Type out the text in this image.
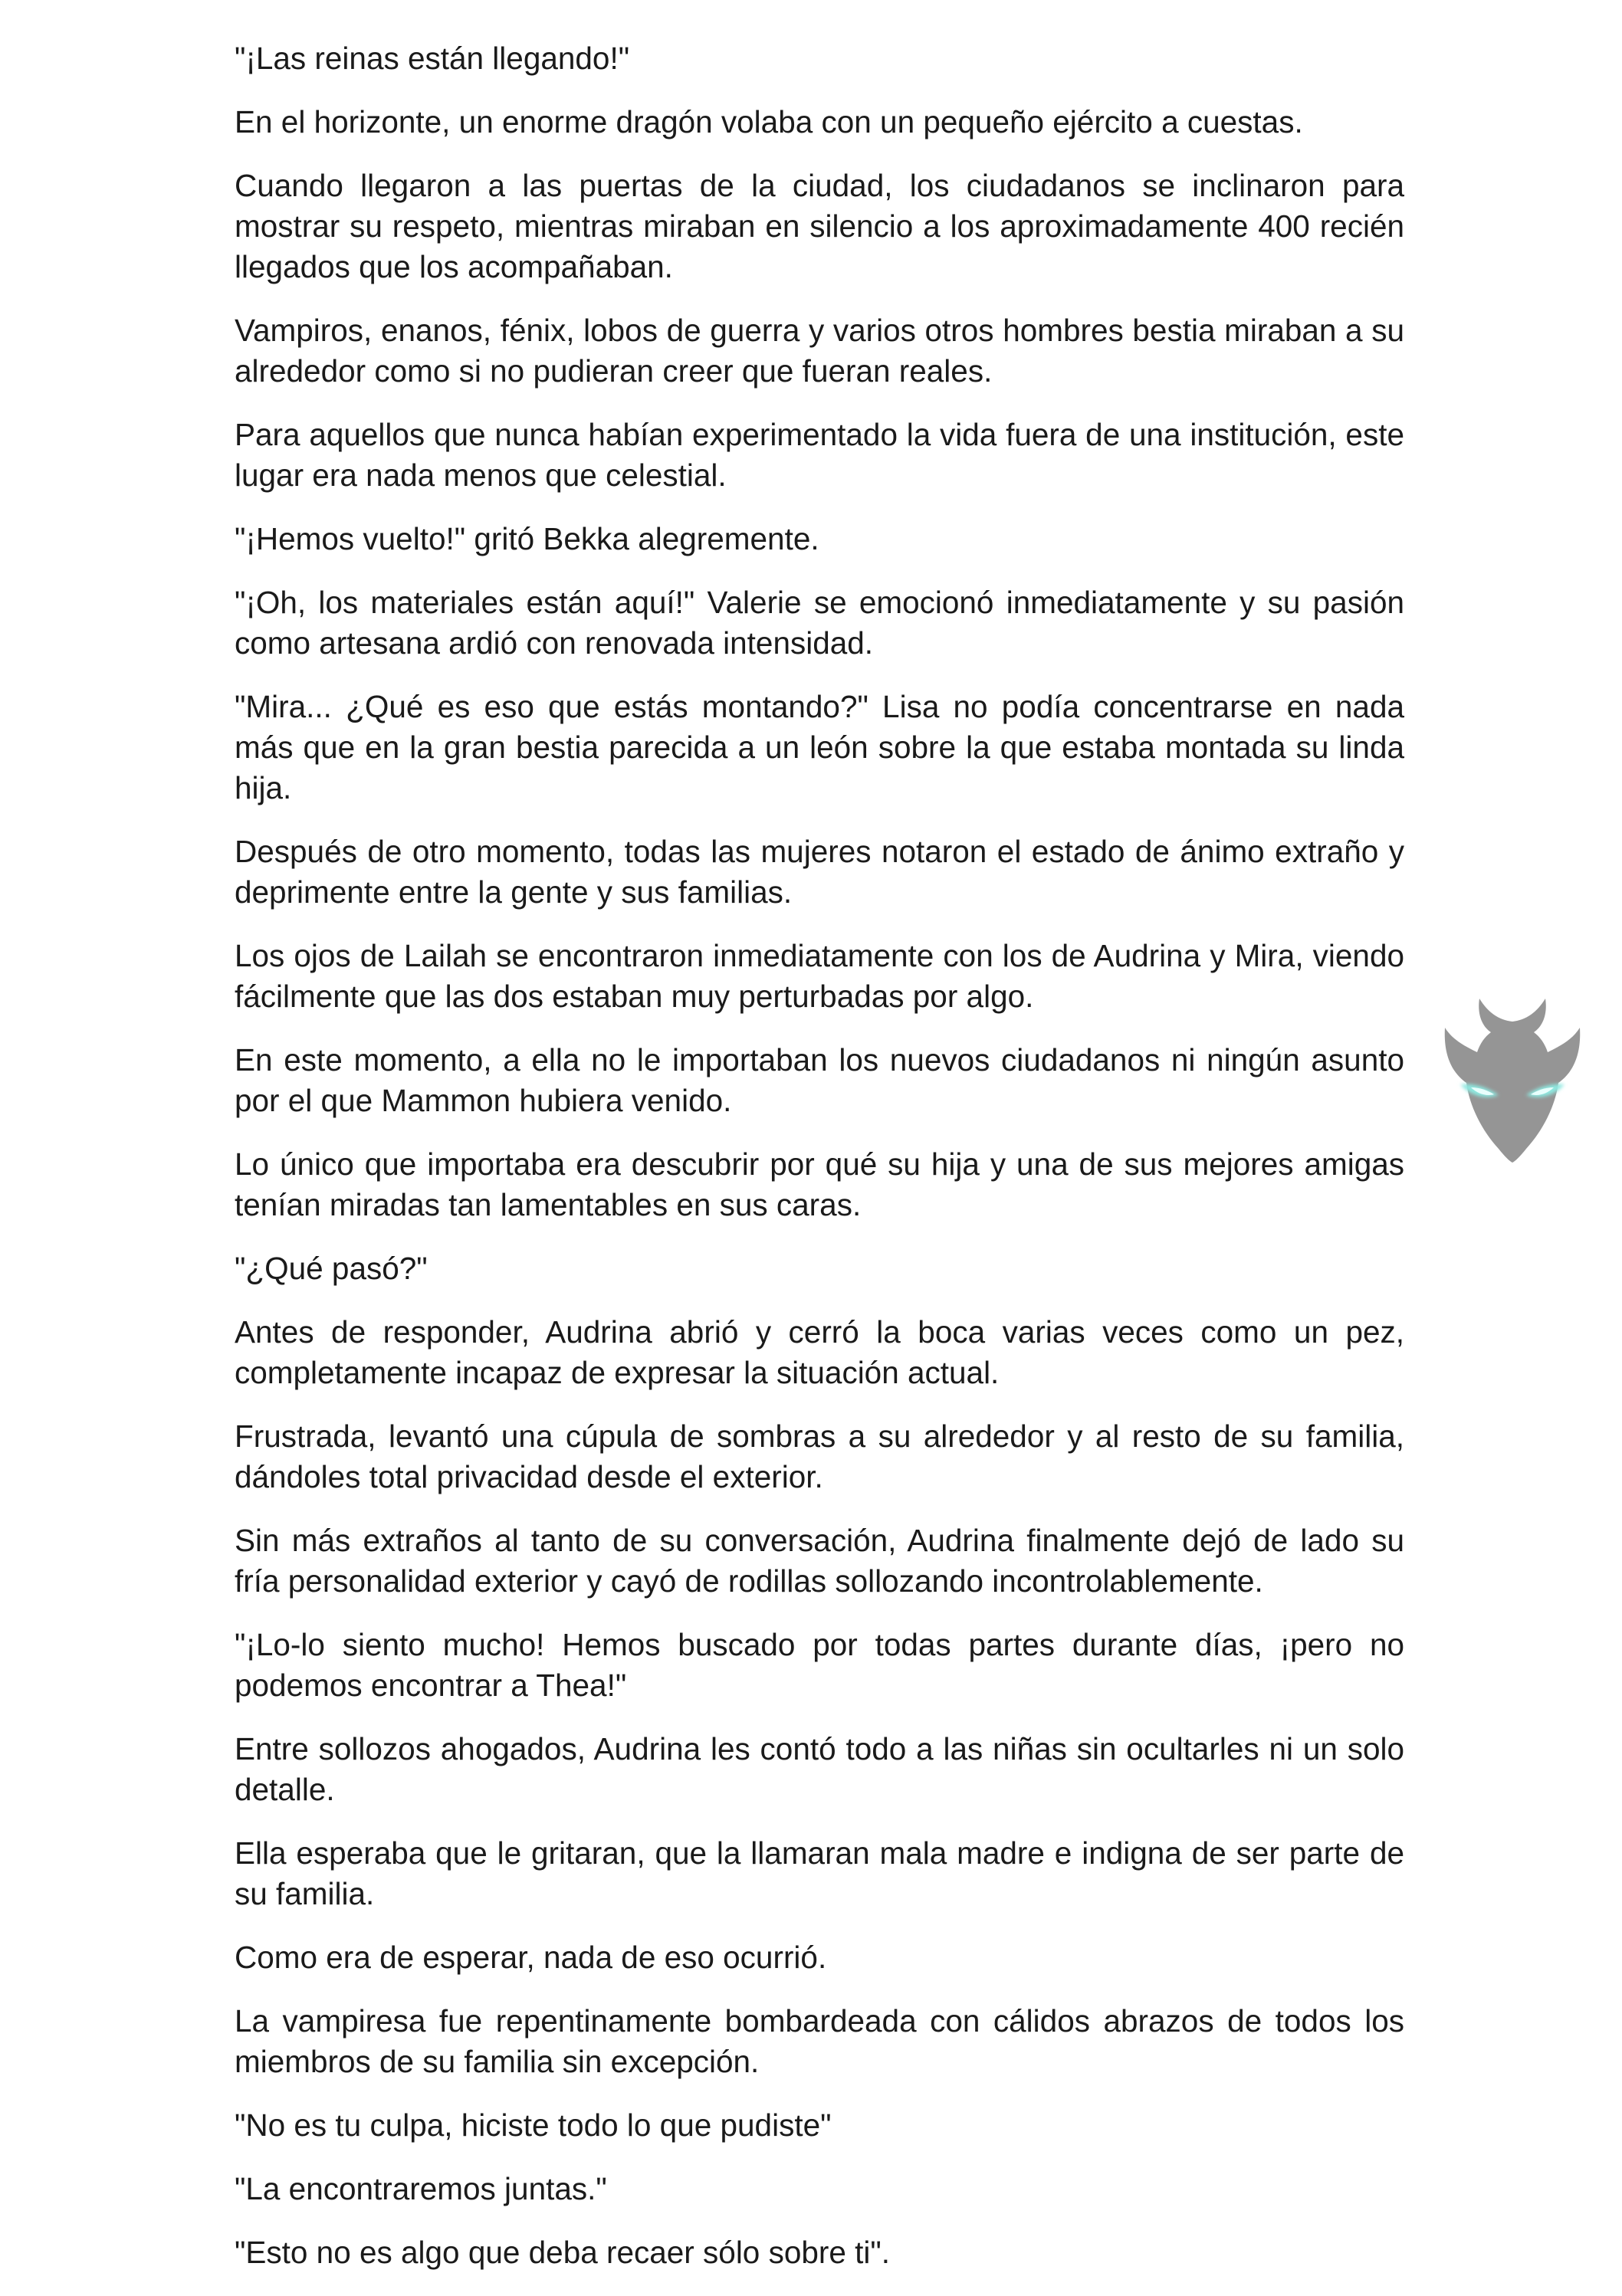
"¡Las reinas están llegando!"

En el horizonte, un enorme dragón volaba con un pequeño ejército a cuestas.

Cuando llegaron a las puertas de la ciudad, los ciudadanos se inclinaron para mostrar su respeto, mientras miraban en silencio a los aproximadamente 400 recién llegados que los acompañaban.

Vampiros, enanos, fénix, lobos de guerra y varios otros hombres bestia miraban a su alrededor como si no pudieran creer que fueran reales.

Para aquellos que nunca habían experimentado la vida fuera de una institución, este lugar era nada menos que celestial.

"¡Hemos vuelto!" gritó Bekka alegremente.

"¡Oh, los materiales están aquí!" Valerie se emocionó inmediatamente y su pasión como artesana ardió con renovada intensidad.

"Mira... ¿Qué es eso que estás montando?" Lisa no podía concentrarse en nada más que en la gran bestia parecida a un león sobre la que estaba montada su linda hija.

Después de otro momento, todas las mujeres notaron el estado de ánimo extraño y deprimente entre la gente y sus familias.

Los ojos de Lailah se encontraron inmediatamente con los de Audrina y Mira, viendo fácilmente que las dos estaban muy perturbadas por algo.

En este momento, a ella no le importaban los nuevos ciudadanos ni ningún asunto por el que Mammon hubiera venido.

Lo único que importaba era descubrir por qué su hija y una de sus mejores amigas tenían miradas tan lamentables en sus caras.

"¿Qué pasó?"

Antes de responder, Audrina abrió y cerró la boca varias veces como un pez, completamente incapaz de expresar la situación actual.

Frustrada, levantó una cúpula de sombras a su alrededor y al resto de su familia, dándoles total privacidad desde el exterior.

Sin más extraños al tanto de su conversación, Audrina finalmente dejó de lado su fría personalidad exterior y cayó de rodillas sollozando incontrolablemente.

"¡Lo-lo siento mucho! Hemos buscado por todas partes durante días, ¡pero no podemos encontrar a Thea!"

Entre sollozos ahogados, Audrina les contó todo a las niñas sin ocultarles ni un solo detalle.

Ella esperaba que le gritaran, que la llamaran mala madre e indigna de ser parte de su familia.

Como era de esperar, nada de eso ocurrió.

La vampiresa fue repentinamente bombardeada con cálidos abrazos de todos los miembros de su familia sin excepción.

"No es tu culpa, hiciste todo lo que pudiste"

"La encontraremos juntas."

"Esto no es algo que deba recaer sólo sobre ti".
